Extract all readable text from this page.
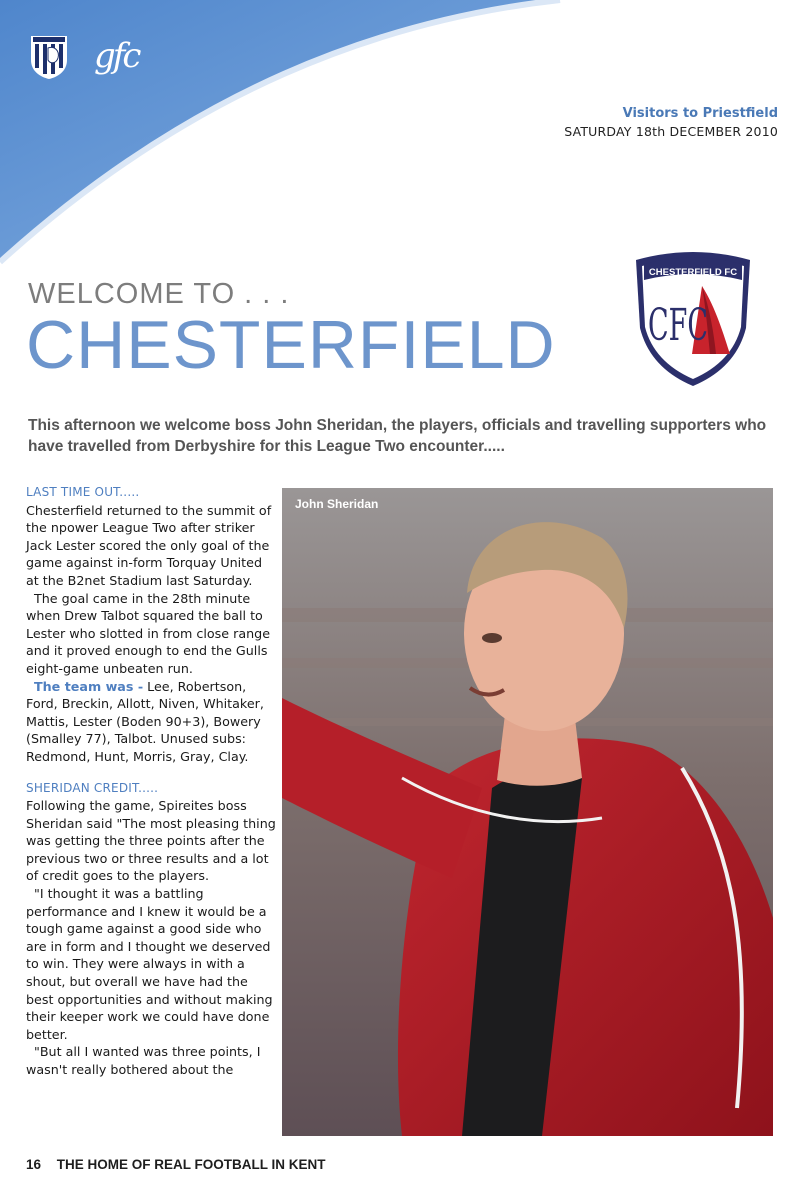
gfc
Visitors to Priestfield
SATURDAY 18th DECEMBER 2010
WELCOME TO . . .
CHESTERFIELD
CHESTERFIELD FC
CFC
This afternoon we welcome boss John Sheridan, the players, officials and travelling supporters who have travelled from Derbyshire for this League Two encounter.....
LAST TIME OUT.....

Chesterfield returned to the summit of the npower League Two after striker Jack Lester scored the only goal of the game against in-form Torquay United at the B2net Stadium last Saturday.

The goal came in the 28th minute when Drew Talbot squared the ball to Lester who slotted in from close range and it proved enough to end the Gulls eight-game unbeaten run.

The team was - Lee, Robertson, Ford, Breckin, Allott, Niven, Whitaker, Mattis, Lester (Boden 90+3), Bowery (Smalley 77), Talbot. Unused subs: Redmond, Hunt, Morris, Gray, Clay.

SHERIDAN CREDIT.....

Following the game, Spireites boss Sheridan said "The most pleasing thing was getting the three points after the previous two or three results and a lot of credit goes to the players.

"I thought it was a battling performance and I knew it would be a tough game against a good side who are in form and I thought we deserved to win. They were always in with a shout, but overall we have had the best opportunities and without making their keeper work we could have done better.

"But all I wanted was three points, I wasn't really bothered about the

John Sheridan
16 THE HOME OF REAL FOOTBALL IN KENT
